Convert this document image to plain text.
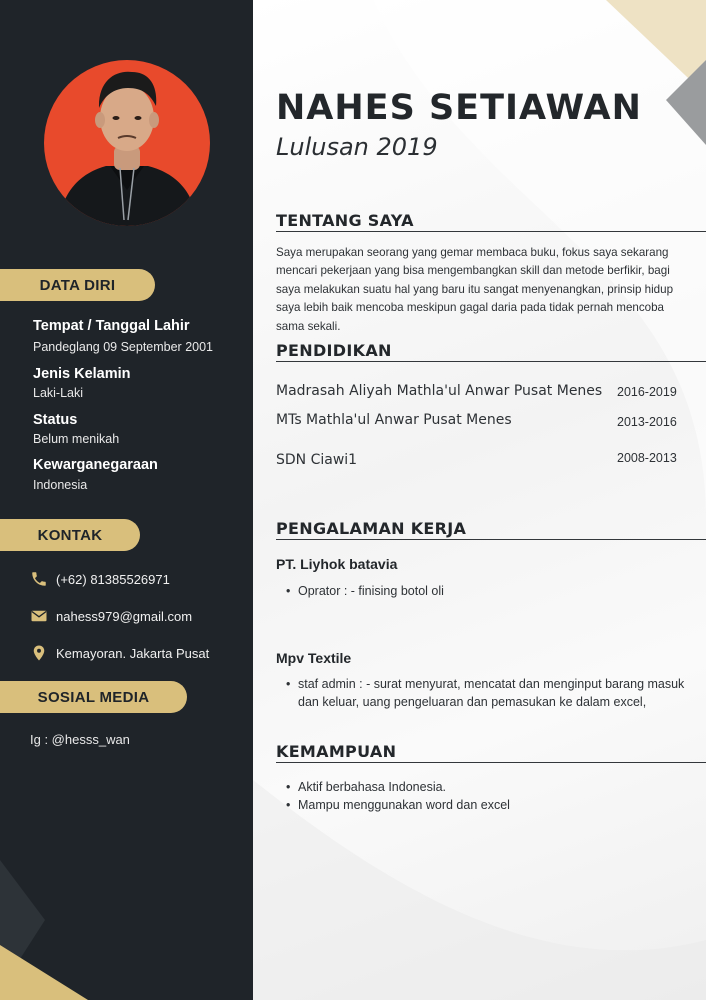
DATA DIRI
Tempat / Tanggal Lahir
Pandeglang 09 September 2001
Jenis Kelamin
Laki-Laki
Status
Belum menikah
Kewarganegaraan
Indonesia
KONTAK
(+62) 81385526971
nahess979@gmail.com
Kemayoran. Jakarta Pusat
SOSIAL MEDIA
Ig : @hesss_wan
NAHES SETIAWAN
Lulusan 2019
TENTANG SAYA
Saya merupakan seorang yang gemar membaca buku, fokus saya sekarang mencari pekerjaan yang bisa mengembangkan skill dan metode berfikir, bagi saya melakukan suatu hal yang baru itu sangat menyenangkan, prinsip hidup saya lebih baik mencoba meskipun gagal daria pada tidak pernah mencoba sama sekali.
PENDIDIKAN
Madrasah Aliyah Mathla'ul Anwar Pusat Menes 2016-2019
MTs Mathla'ul Anwar Pusat Menes	2013-2016
SDN Ciawi1	2008-2013
PENGALAMAN KERJA
PT. Liyhok batavia
• Oprator : - finising botol oli
Mpv Textile
• staf admin : - surat menyurat, mencatat dan menginput barang masuk dan keluar, uang pengeluaran dan pemasukan ke dalam excel,
KEMAMPUAN
• Aktif berbahasa Indonesia.
• Mampu menggunakan word dan excel
